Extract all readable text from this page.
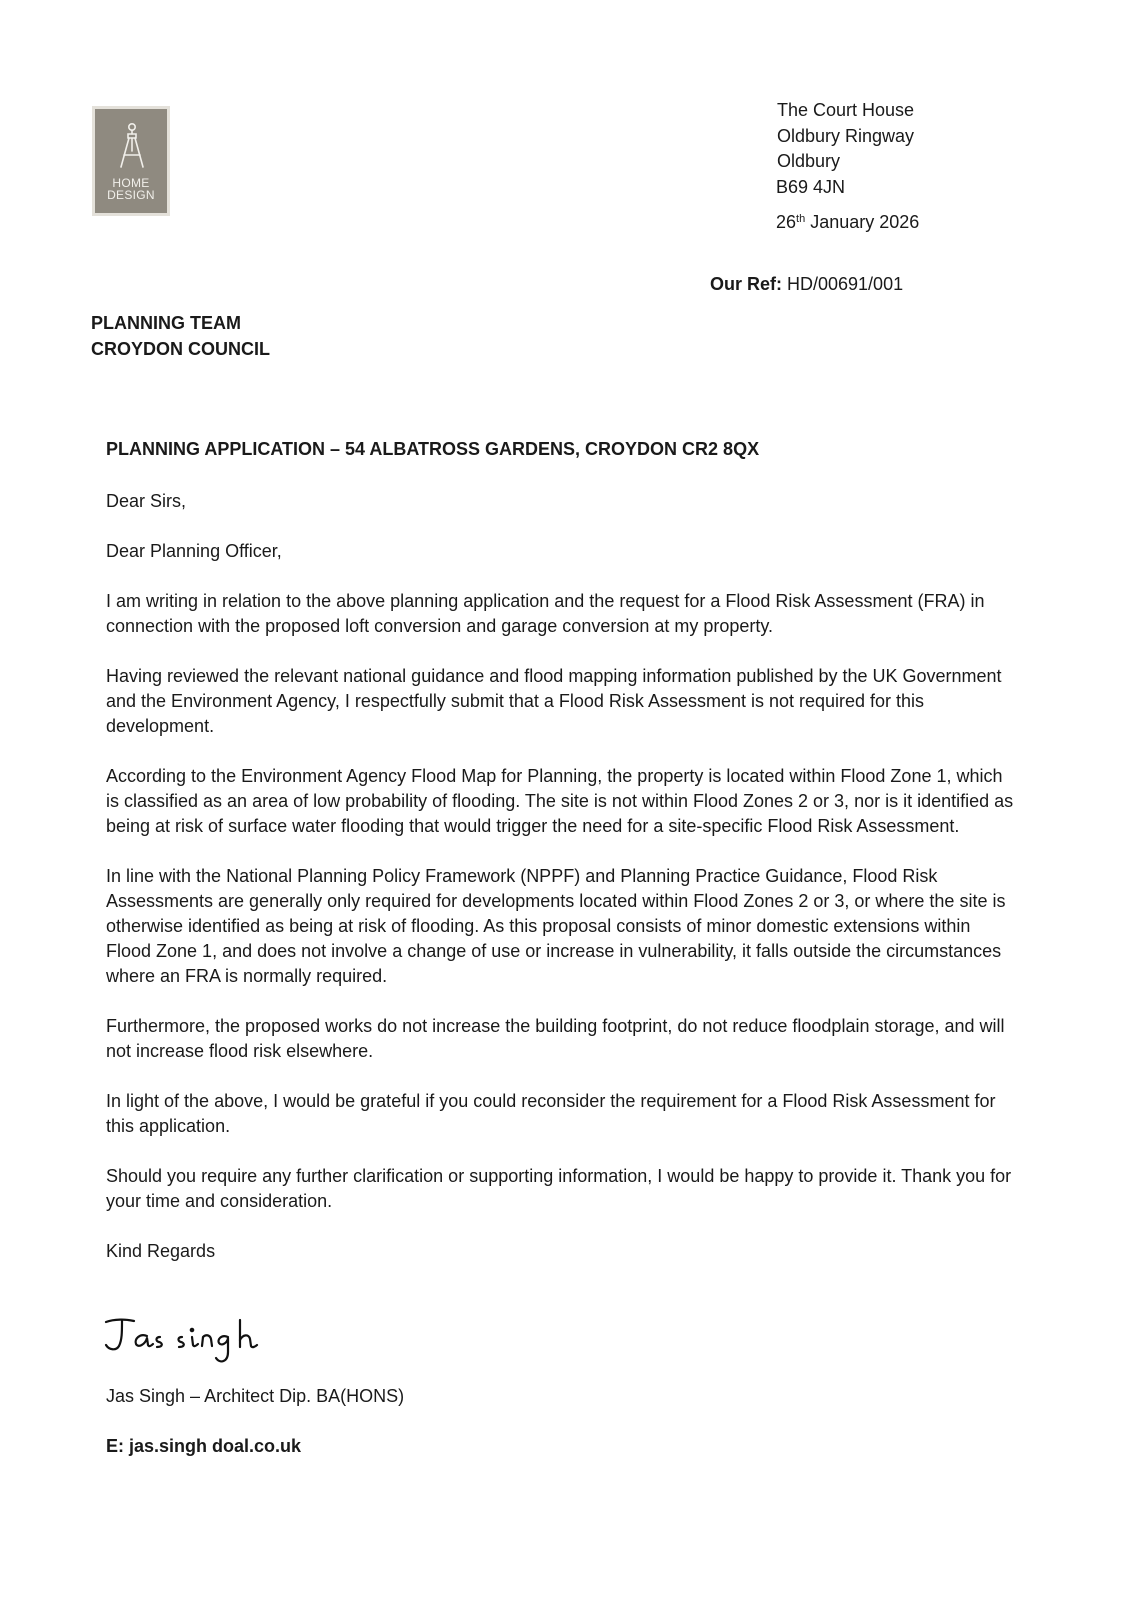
HOME
DESIGN
The Court House
Oldbury Ringway
Oldbury
B69 4JN
26th January 2026
Our Ref: HD/00691/001
PLANNING TEAM
CROYDON COUNCIL
PLANNING APPLICATION – 54 ALBATROSS GARDENS, CROYDON CR2 8QX

Dear Sirs,

Dear Planning Officer,

I am writing in relation to the above planning application and the request for a Flood Risk Assessment (FRA) in connection with the proposed loft conversion and garage conversion at my property.

Having reviewed the relevant national guidance and flood mapping information published by the UK Government and the Environment Agency, I respectfully submit that a Flood Risk Assessment is not required for this development.

According to the Environment Agency Flood Map for Planning, the property is located within Flood Zone 1, which is classified as an area of low probability of flooding. The site is not within Flood Zones 2 or 3, nor is it identified as being at risk of surface water flooding that would trigger the need for a site-specific Flood Risk Assessment.

In line with the National Planning Policy Framework (NPPF) and Planning Practice Guidance, Flood Risk Assessments are generally only required for developments located within Flood Zones 2 or 3, or where the site is otherwise identified as being at risk of flooding. As this proposal consists of minor domestic extensions within Flood Zone 1, and does not involve a change of use or increase in vulnerability, it falls outside the circumstances where an FRA is normally required.

Furthermore, the proposed works do not increase the building footprint, do not reduce floodplain storage, and will not increase flood risk elsewhere.

In light of the above, I would be grateful if you could reconsider the requirement for a Flood Risk Assessment for this application.

Should you require any further clarification or supporting information, I would be happy to provide it. Thank you for your time and consideration.

Kind Regards

Jas Singh – Architect Dip. BA(HONS)
E: jas.singh doal.co.uk
